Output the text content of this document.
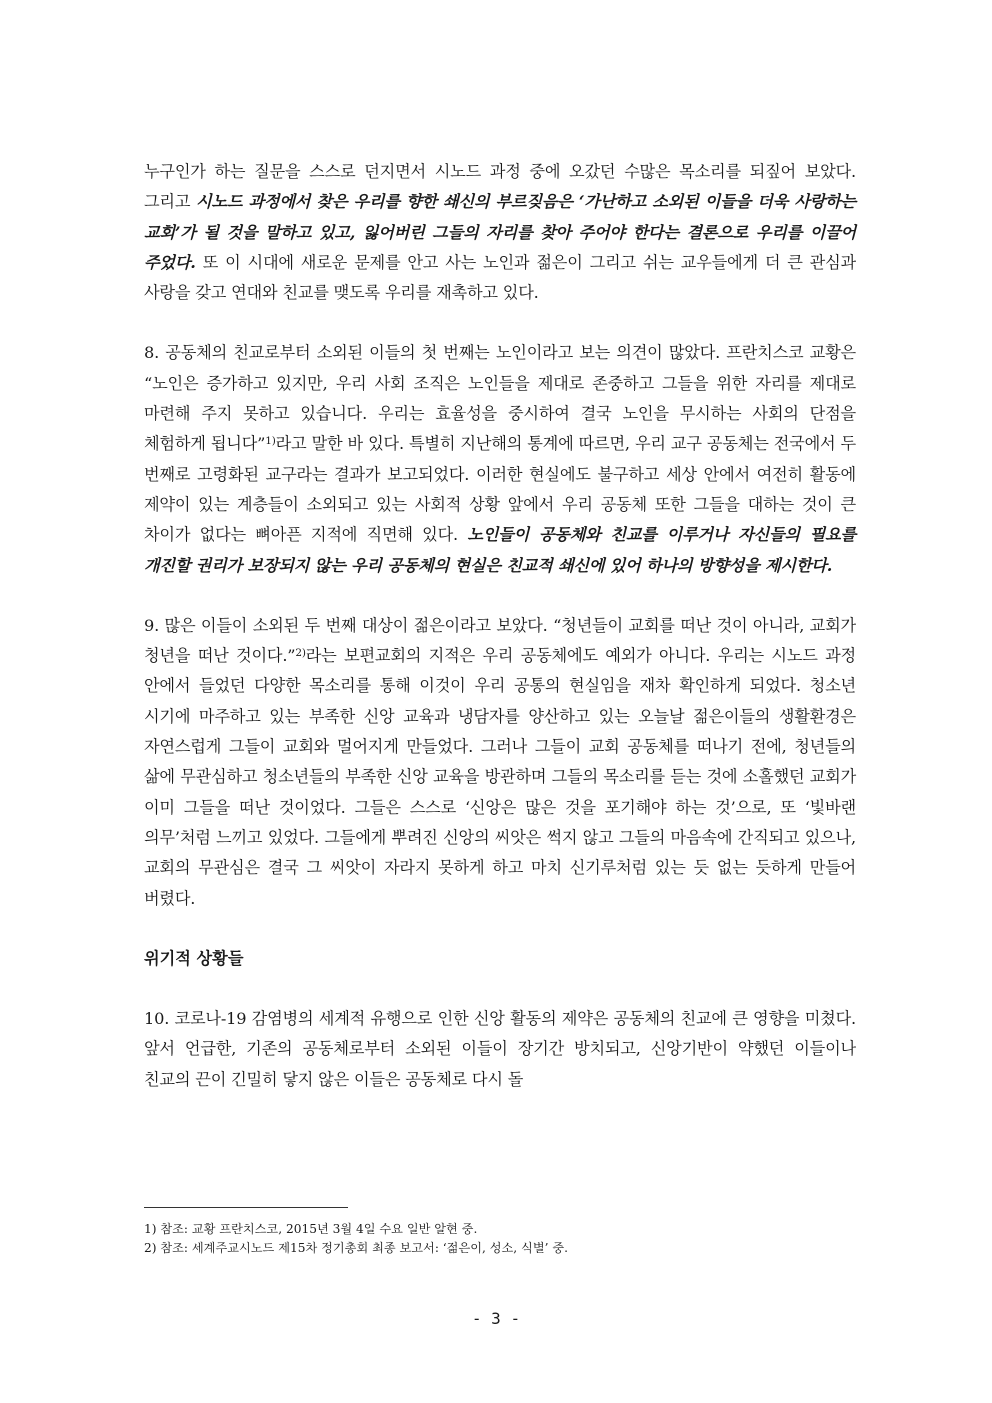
누구인가 하는 질문을 스스로 던지면서 시노드 과정 중에 오갔던 수많은 목소리를 되짚어 보았다. 그리고 시노드 과정에서 찾은 우리를 향한 쇄신의 부르짖음은 ‘가난하고 소외된 이들을 더욱 사랑하는 교회’가 될 것을 말하고 있고, 잃어버린 그들의 자리를 찾아 주어야 한다는 결론으로 우리를 이끌어 주었다. 또 이 시대에 새로운 문제를 안고 사는 노인과 젊은이 그리고 쉬는 교우들에게 더 큰 관심과 사랑을 갖고 연대와 친교를 맺도록 우리를 재촉하고 있다.

8. 공동체의 친교로부터 소외된 이들의 첫 번째는 노인이라고 보는 의견이 많았다. 프란치스코 교황은 “노인은 증가하고 있지만, 우리 사회 조직은 노인들을 제대로 존중하고 그들을 위한 자리를 제대로 마련해 주지 못하고 있습니다. 우리는 효율성을 중시하여 결국 노인을 무시하는 사회의 단점을 체험하게 됩니다”$^{1)}$라고 말한 바 있다. 특별히 지난해의 통계에 따르면, 우리 교구 공동체는 전국에서 두 번째로 고령화된 교구라는 결과가 보고되었다. 이러한 현실에도 불구하고 세상 안에서 여전히 활동에 제약이 있는 계층들이 소외되고 있는 사회적 상황 앞에서 우리 공동체 또한 그들을 대하는 것이 큰 차이가 없다는 뼈아픈 지적에 직면해 있다. 노인들이 공동체와 친교를 이루거나 자신들의 필요를 개진할 권리가 보장되지 않는 우리 공동체의 현실은 친교적 쇄신에 있어 하나의 방향성을 제시한다.

9. 많은 이들이 소외된 두 번째 대상이 젊은이라고 보았다. “청년들이 교회를 떠난 것이 아니라, 교회가 청년을 떠난 것이다.”$^{2)}$라는 보편교회의 지적은 우리 공동체에도 예외가 아니다. 우리는 시노드 과정 안에서 들었던 다양한 목소리를 통해 이것이 우리 공통의 현실임을 재차 확인하게 되었다. 청소년 시기에 마주하고 있는 부족한 신앙 교육과 냉담자를 양산하고 있는 오늘날 젊은이들의 생활환경은 자연스럽게 그들이 교회와 멀어지게 만들었다. 그러나 그들이 교회 공동체를 떠나기 전에, 청년들의 삶에 무관심하고 청소년들의 부족한 신앙 교육을 방관하며 그들의 목소리를 듣는 것에 소홀했던 교회가 이미 그들을 떠난 것이었다. 그들은 스스로 ‘신앙은 많은 것을 포기해야 하는 것’으로, 또 ‘빛바랜 의무’처럼 느끼고 있었다. 그들에게 뿌려진 신앙의 씨앗은 썩지 않고 그들의 마음속에 간직되고 있으나, 교회의 무관심은 결국 그 씨앗이 자라지 못하게 하고 마치 신기루처럼 있는 듯 없는 듯하게 만들어 버렸다.

위기적 상황들

10. 코로나-19 감염병의 세계적 유행으로 인한 신앙 활동의 제약은 공동체의 친교에 큰 영향을 미쳤다. 앞서 언급한, 기존의 공동체로부터 소외된 이들이 장기간 방치되고, 신앙기반이 약했던 이들이나 친교의 끈이 긴밀히 닿지 않은 이들은 공동체로 다시 돌

1) 참조: 교황 프란치스코, 2015년 3월 4일 수요 일반 알현 중.
2) 참조: 세계주교시노드 제15차 정기총회 최종 보고서: ‘젊은이, 성소, 식별’ 중.
- 3 -
